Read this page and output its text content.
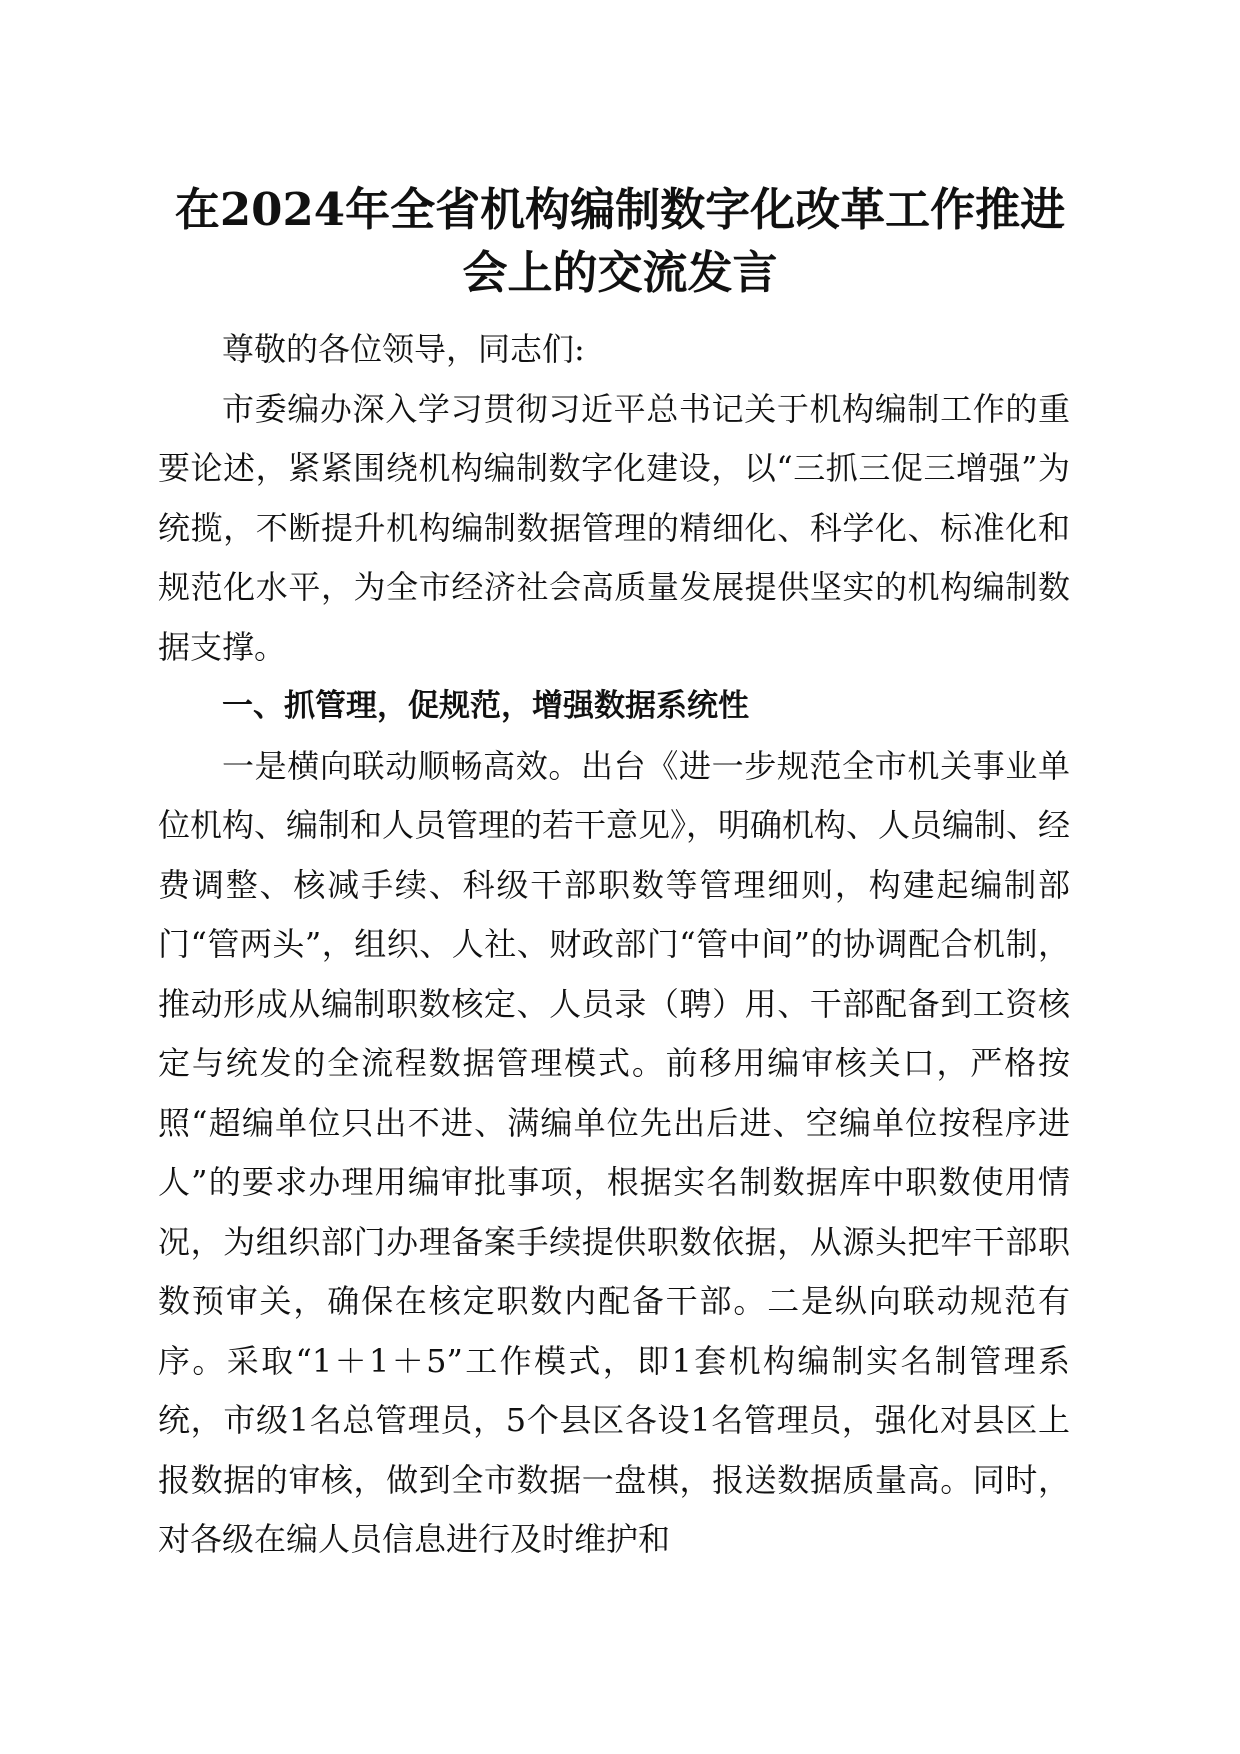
在2024年全省机构编制数字化改革工作推进
会上的交流发言

尊敬的各位领导，同志们:

市委编办深入学习贯彻习近平总书记关于机构编制工作的重要论述，紧紧围绕机构编制数字化建设，以“三抓三促三增强”为统揽，不断提升机构编制数据管理的精细化、科学化、标准化和规范化水平，为全市经济社会高质量发展提供坚实的机构编制数据支撑。

一、抓管理，促规范，增强数据系统性

一是横向联动顺畅高效。出台《进一步规范全市机关事业单位机构、编制和人员管理的若干意见》，明确机构、人员编制、经费调整、核减手续、科级干部职数等管理细则，构建起编制部门“管两头”，组织、人社、财政部门“管中间”的协调配合机制，推动形成从编制职数核定、人员录（聘）用、干部配备到工资核定与统发的全流程数据管理模式。前移用编审核关口，严格按照“超编单位只出不进、满编单位先出后进、空编单位按程序进人”的要求办理用编审批事项，根据实名制数据库中职数使用情况，为组织部门办理备案手续提供职数依据，从源头把牢干部职数预审关，确保在核定职数内配备干部。二是纵向联动规范有序。采取“1＋1＋5”工作模式，即1套机构编制实名制管理系统，市级1名总管理员，5个县区各设1名管理员，强化对县区上报数据的审核，做到全市数据一盘棋，报送数据质量高。同时，对各级在编人员信息进行及时维护和
